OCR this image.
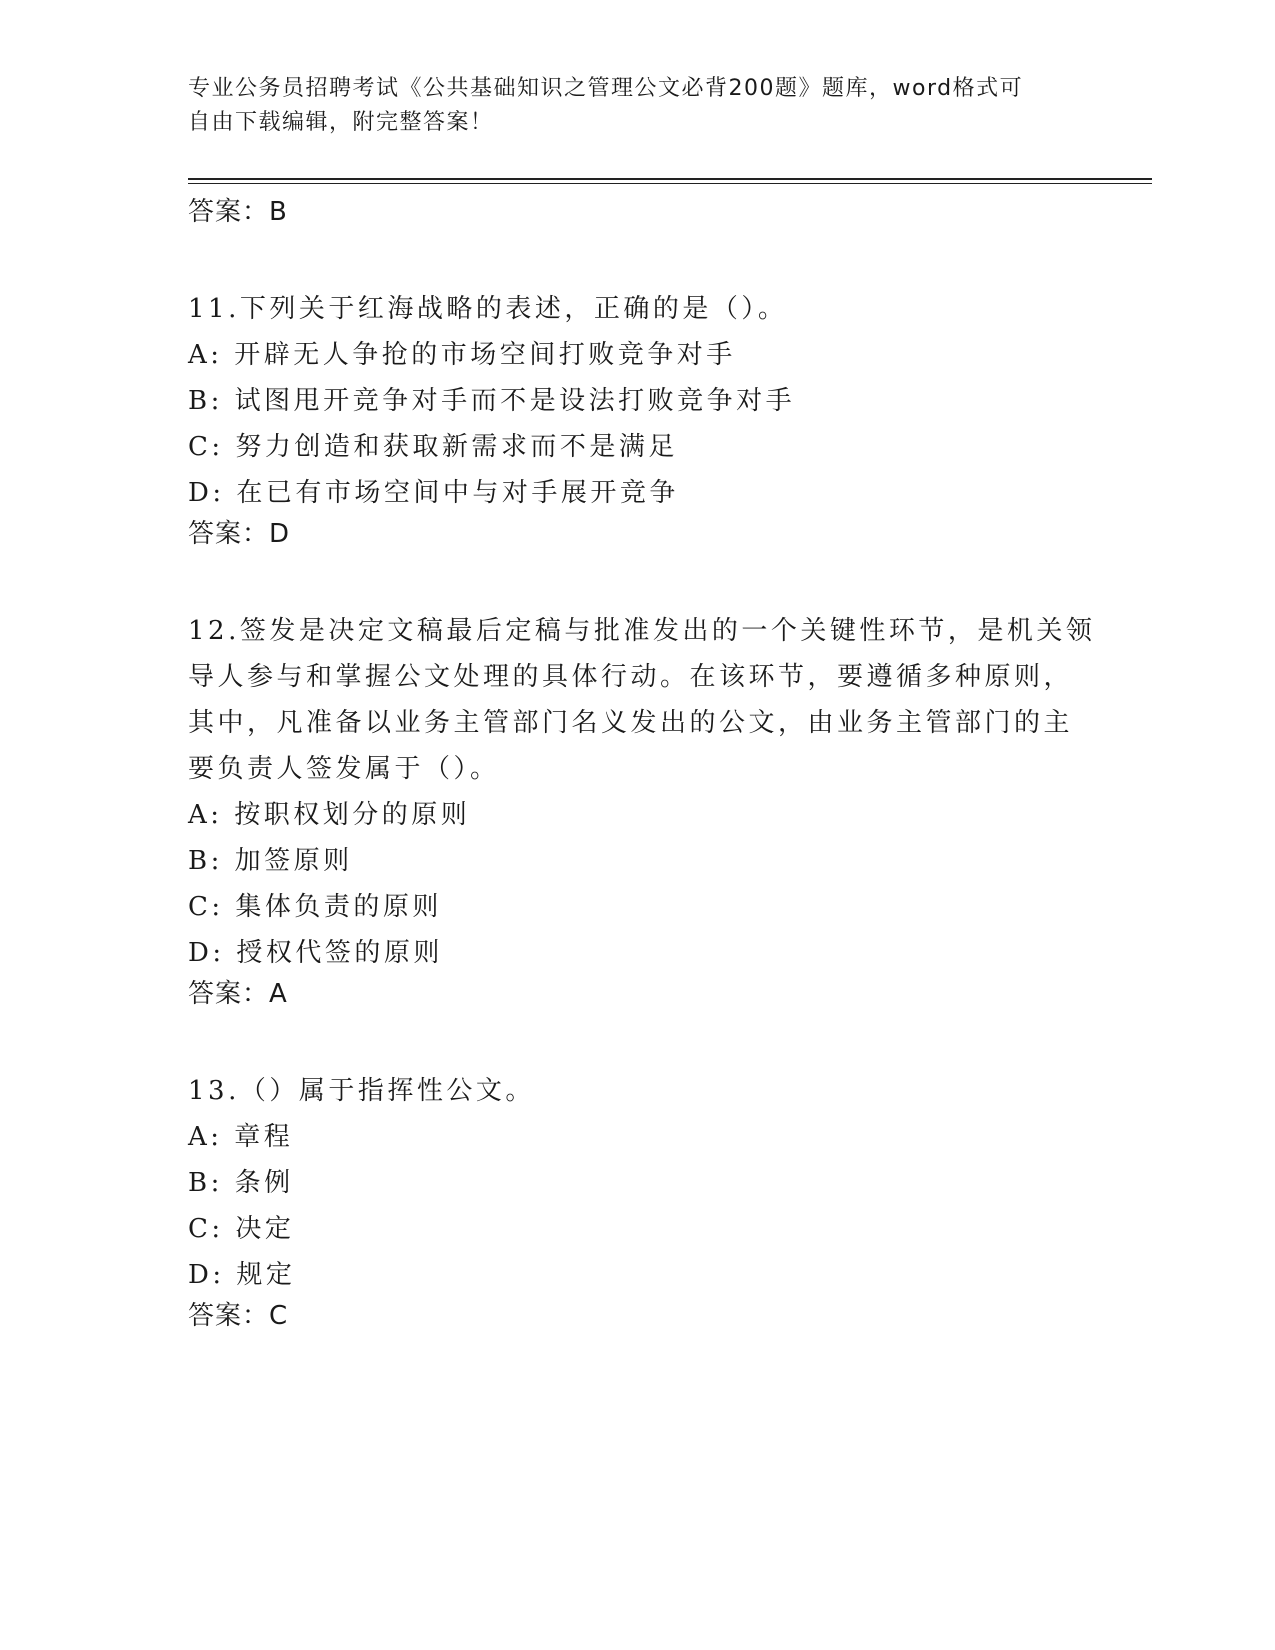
专业公务员招聘考试《公共基础知识之管理公文必背200题》题库，word格式可
自由下载编辑，附完整答案！
答案：B
11.下列关于红海战略的表述，正确的是（）。
A: 开辟无人争抢的市场空间打败竞争对手
B: 试图甩开竞争对手而不是设法打败竞争对手
C: 努力创造和获取新需求而不是满足
D: 在已有市场空间中与对手展开竞争
答案：D
12.签发是决定文稿最后定稿与批准发出的一个关键性环节，是机关领
导人参与和掌握公文处理的具体行动。在该环节，要遵循多种原则，
其中，凡准备以业务主管部门名义发出的公文，由业务主管部门的主
要负责人签发属于（）。
A: 按职权划分的原则
B: 加签原则
C: 集体负责的原则
D: 授权代签的原则
答案：A
13.（）属于指挥性公文。
A: 章程
B: 条例
C: 决定
D: 规定
答案：C
